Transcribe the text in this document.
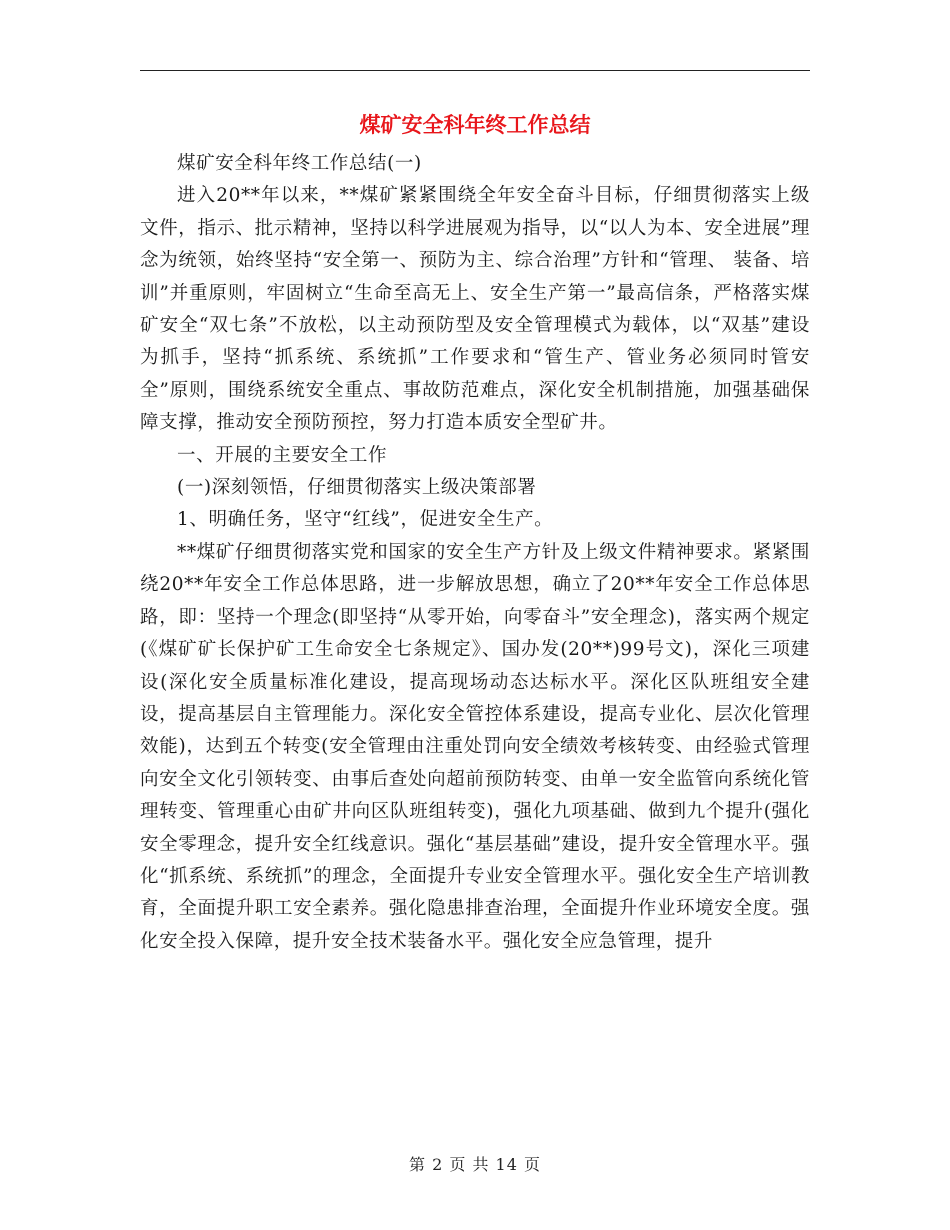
煤矿安全科年终工作总结

煤矿安全科年终工作总结(一)

进入20**年以来，**煤矿紧紧围绕全年安全奋斗目标，仔细贯彻落实上级文件，指示、批示精神，坚持以科学进展观为指导，以“以人为本、安全进展”理念为统领，始终坚持“安全第一、预防为主、综合治理”方针和“管理、 装备、培训”并重原则，牢固树立“生命至高无上、安全生产第一”最高信条，严格落实煤矿安全“双七条”不放松，以主动预防型及安全管理模式为载体，以“双基”建设为抓手，坚持“抓系统、系统抓”工作要求和“管生产、管业务必须同时管安全”原则，围绕系统安全重点、事故防范难点，深化安全机制措施，加强基础保障支撑，推动安全预防预控，努力打造本质安全型矿井。

一、开展的主要安全工作

(一)深刻领悟，仔细贯彻落实上级决策部署

1、明确任务，坚守“红线”，促进安全生产。

**煤矿仔细贯彻落实党和国家的安全生产方针及上级文件精神要求。紧紧围绕20**年安全工作总体思路，进一步解放思想，确立了20**年安全工作总体思路，即：坚持一个理念(即坚持“从零开始，向零奋斗”安全理念)，落实两个规定(《煤矿矿长保护矿工生命安全七条规定》、国办发(20**)99号文)，深化三项建设(深化安全质量标准化建设，提高现场动态达标水平。深化区队班组安全建设，提高基层自主管理能力。深化安全管控体系建设，提高专业化、层次化管理效能)，达到五个转变(安全管理由注重处罚向安全绩效考核转变、由经验式管理向安全文化引领转变、由事后查处向超前预防转变、由单一安全监管向系统化管理转变、管理重心由矿井向区队班组转变)，强化九项基础、做到九个提升(强化安全零理念，提升安全红线意识。强化“基层基础”建设，提升安全管理水平。强化“抓系统、系统抓”的理念，全面提升专业安全管理水平。强化安全生产培训教育，全面提升职工安全素养。强化隐患排查治理，全面提升作业环境安全度。强化安全投入保障，提升安全技术装备水平。强化安全应急管理，提升

第 2 页 共 14 页
